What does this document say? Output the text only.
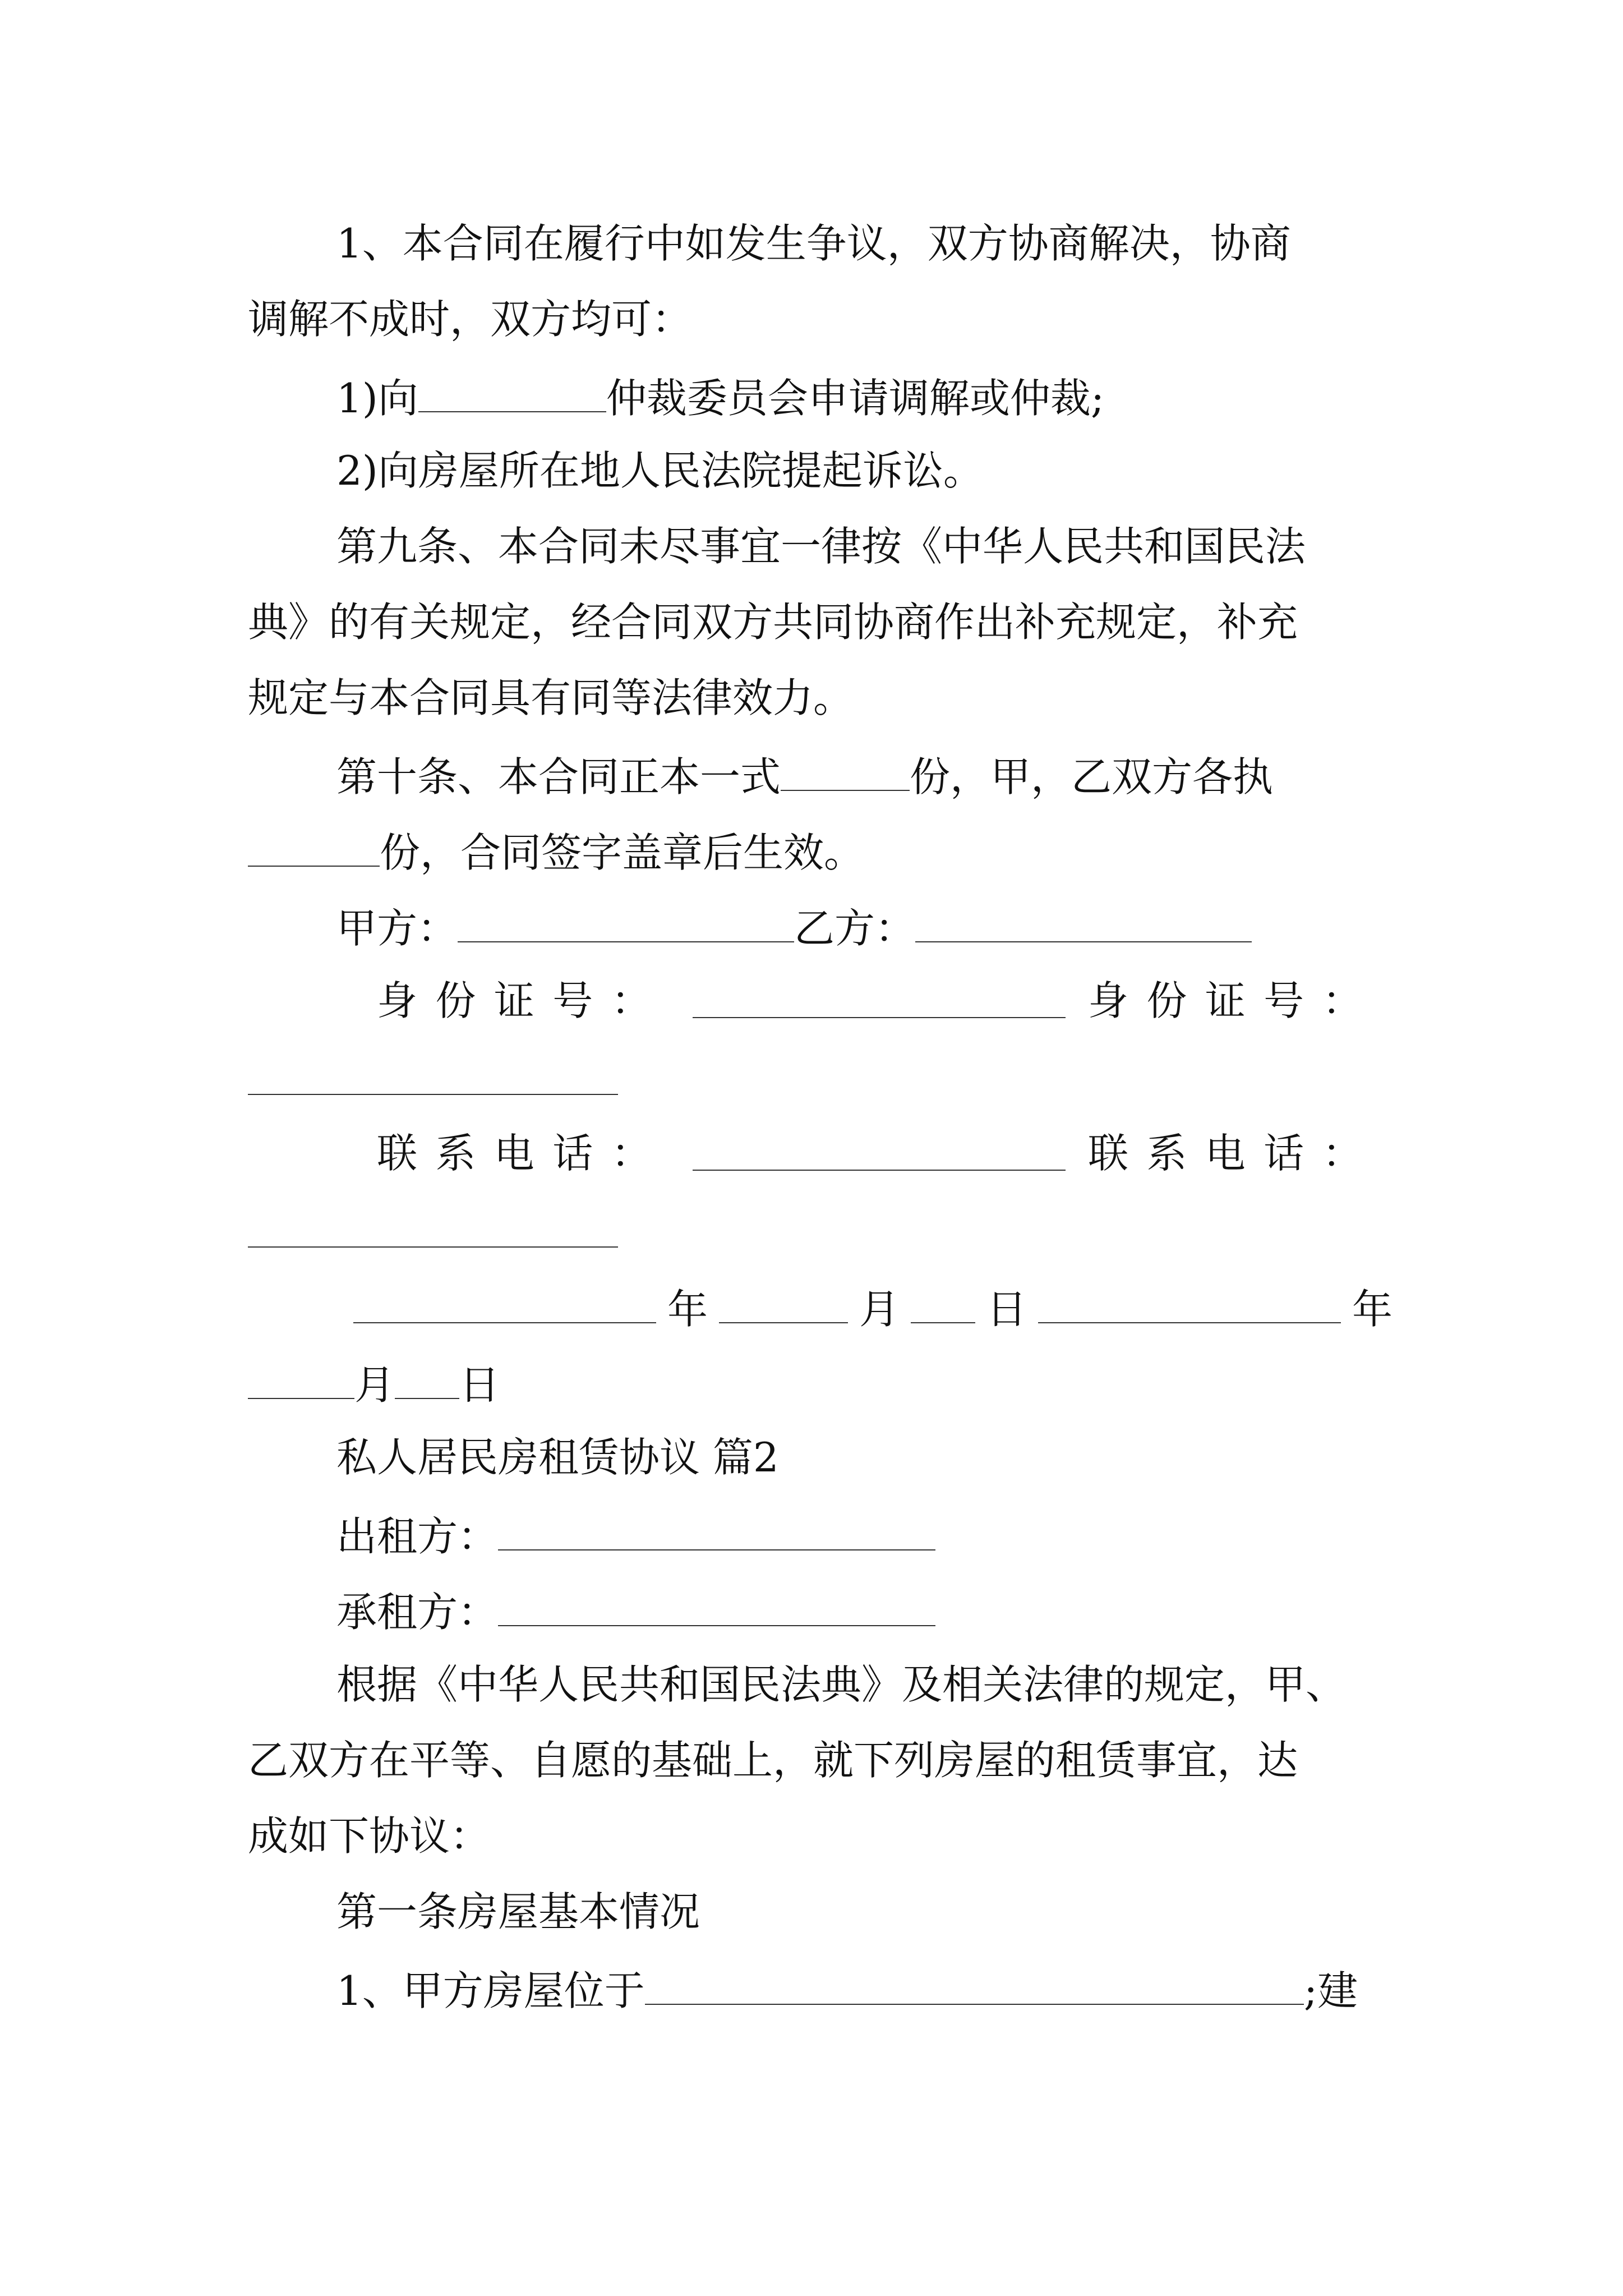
1、本合同在履行中如发生争议，双方协商解决，协商
调解不成时，双方均可：
1)向	仲裁委员会申请调解或仲裁;
2)向房屋所在地人民法院提起诉讼。
第九条、本合同未尽事宜一律按《中华人民共和国民法
典》的有关规定，经合同双方共同协商作出补充规定，补充
规定与本合同具有同等法律效力。
第十条、本合同正本一式	份，甲，乙双方各执
份，合同签字盖章后生效。
甲方：	乙方：
身份证号：	身份证号：
联系电话：	联系电话：
年	月 日	年
月 日
私人居民房租赁协议 篇2
出租方：
承租方：
根据《中华人民共和国民法典》及相关法律的规定，甲、
乙双方在平等、自愿的基础上，就下列房屋的租赁事宜，达
成如下协议：
第一条房屋基本情况
1、甲方房屋位于	;建
